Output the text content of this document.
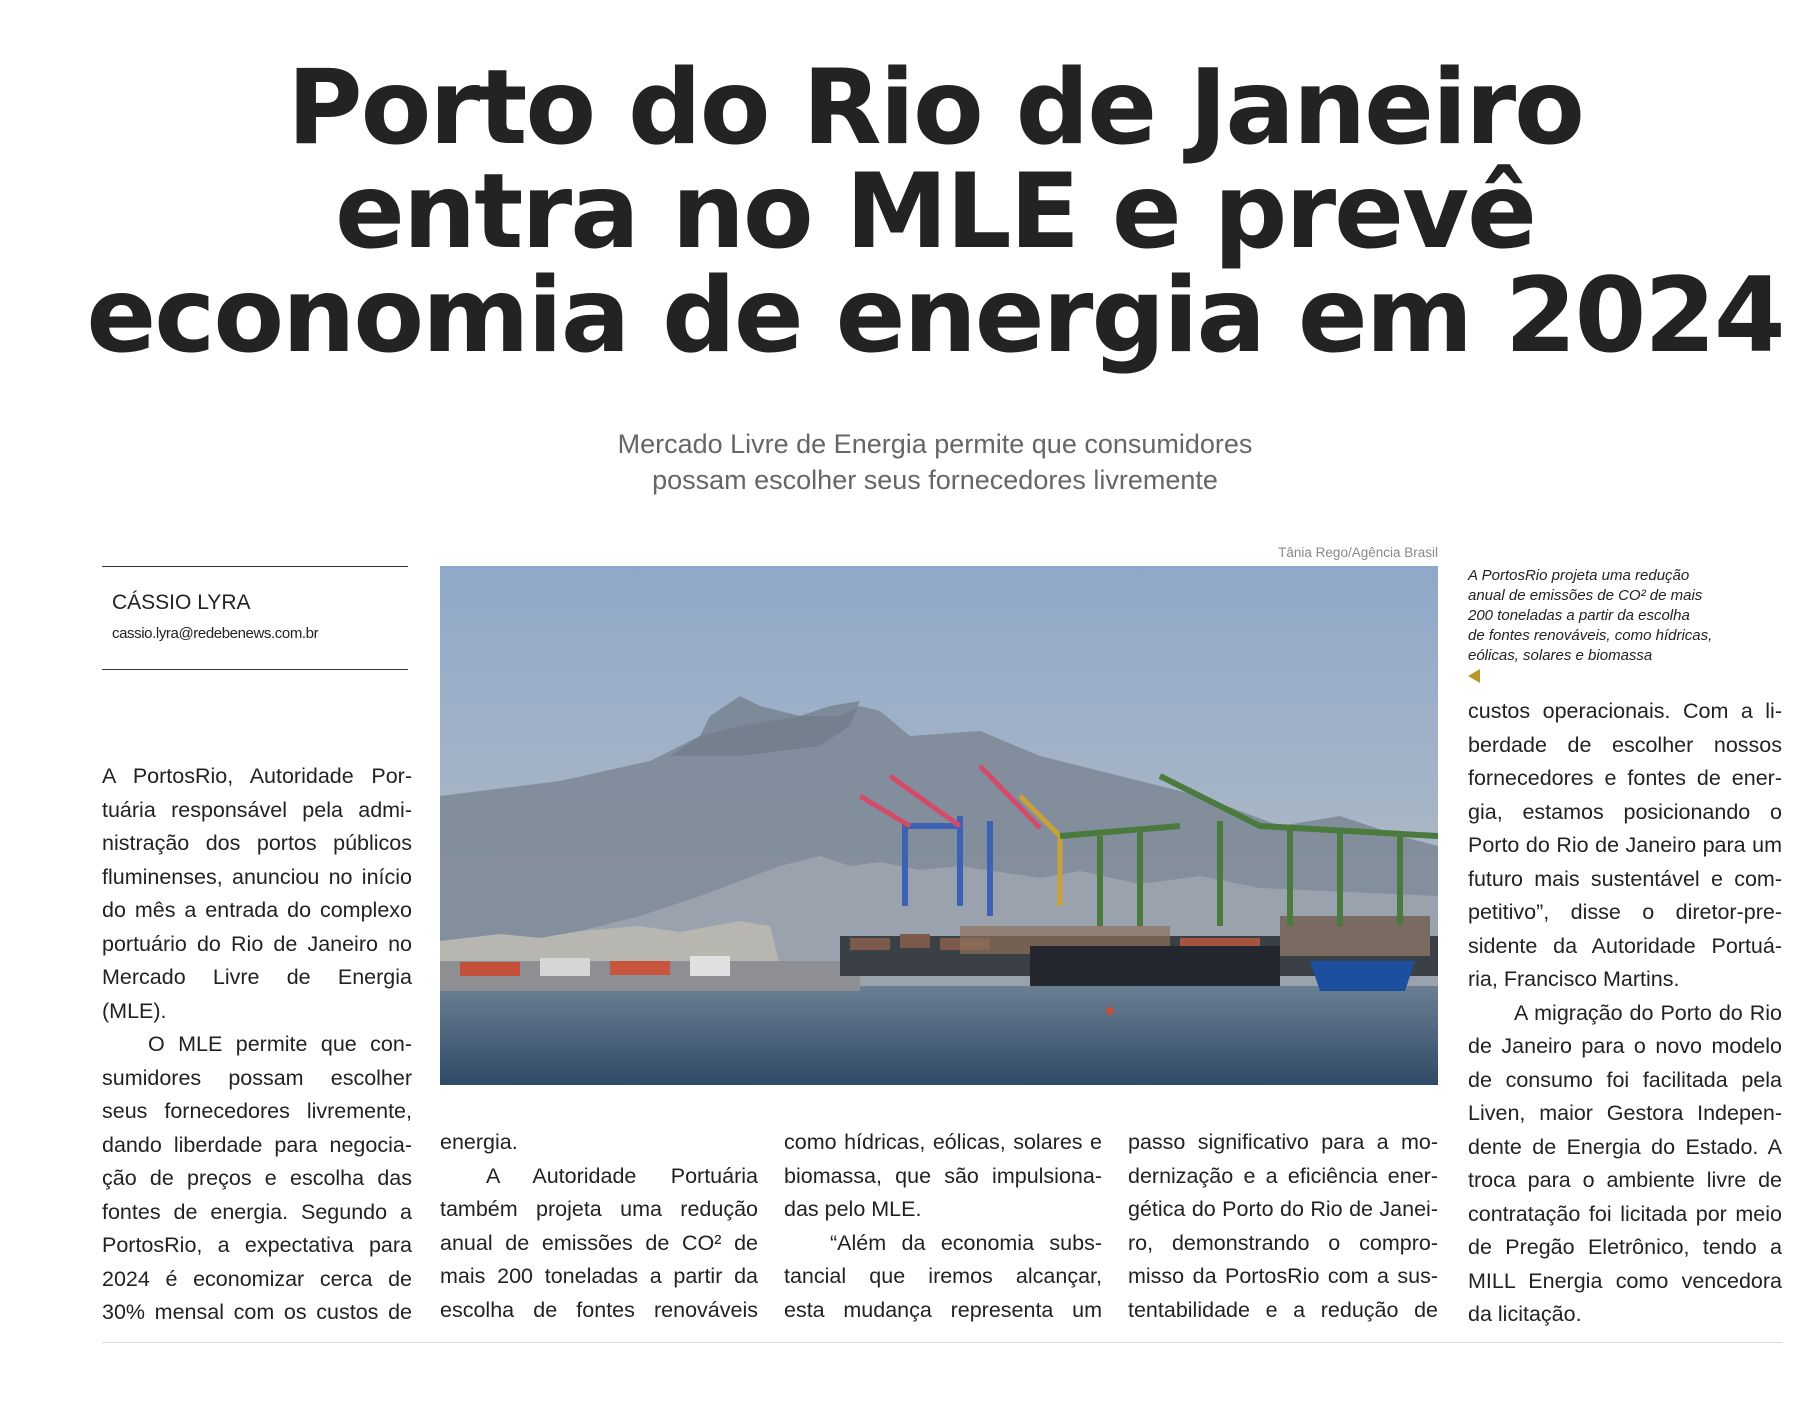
Porto do Rio de Janeiro
entra no MLE e prevê
economia de energia em 2024
Mercado Livre de Energia permite que consumidores
possam escolher seus fornecedores livremente
CÁSSIO LYRA
cassio.lyra@redebenews.com.br
A PortosRio, Autoridade Por-
tuária responsável pela admi-
nistração dos portos públicos
fluminenses, anunciou no início
do mês a entrada do complexo
portuário do Rio de Janeiro no
Mercado Livre de Energia
(MLE).
O MLE permite que con-
sumidores possam escolher
seus fornecedores livremente,
dando liberdade para negocia-
ção de preços e escolha das
fontes de energia. Segundo a
PortosRio, a expectativa para
2024 é economizar cerca de
30% mensal com os custos de
Tânia Rego/Agência Brasil
A PortosRio projeta uma redução
anual de emissões de CO² de mais
200 toneladas a partir da escolha
de fontes renováveis, como hídricas,
eólicas, solares e biomassa
energia.
A Autoridade Portuária
também projeta uma redução
anual de emissões de CO² de
mais 200 toneladas a partir da
escolha de fontes renováveis
como hídricas, eólicas, solares e
biomassa, que são impulsiona-
das pelo MLE.
“Além da economia subs-
tancial que iremos alcançar,
esta mudança representa um
passo significativo para a mo-
dernização e a eficiência ener-
gética do Porto do Rio de Janei-
ro, demonstrando o compro-
misso da PortosRio com a sus-
tentabilidade e a redução de
custos operacionais. Com a li-
berdade de escolher nossos
fornecedores e fontes de ener-
gia, estamos posicionando o
Porto do Rio de Janeiro para um
futuro mais sustentável e com-
petitivo”, disse o diretor-pre-
sidente da Autoridade Portuá-
ria, Francisco Martins.
A migração do Porto do Rio
de Janeiro para o novo modelo
de consumo foi facilitada pela
Liven, maior Gestora Indepen-
dente de Energia do Estado. A
troca para o ambiente livre de
contratação foi licitada por meio
de Pregão Eletrônico, tendo a
MILL Energia como vencedora
da licitação.
